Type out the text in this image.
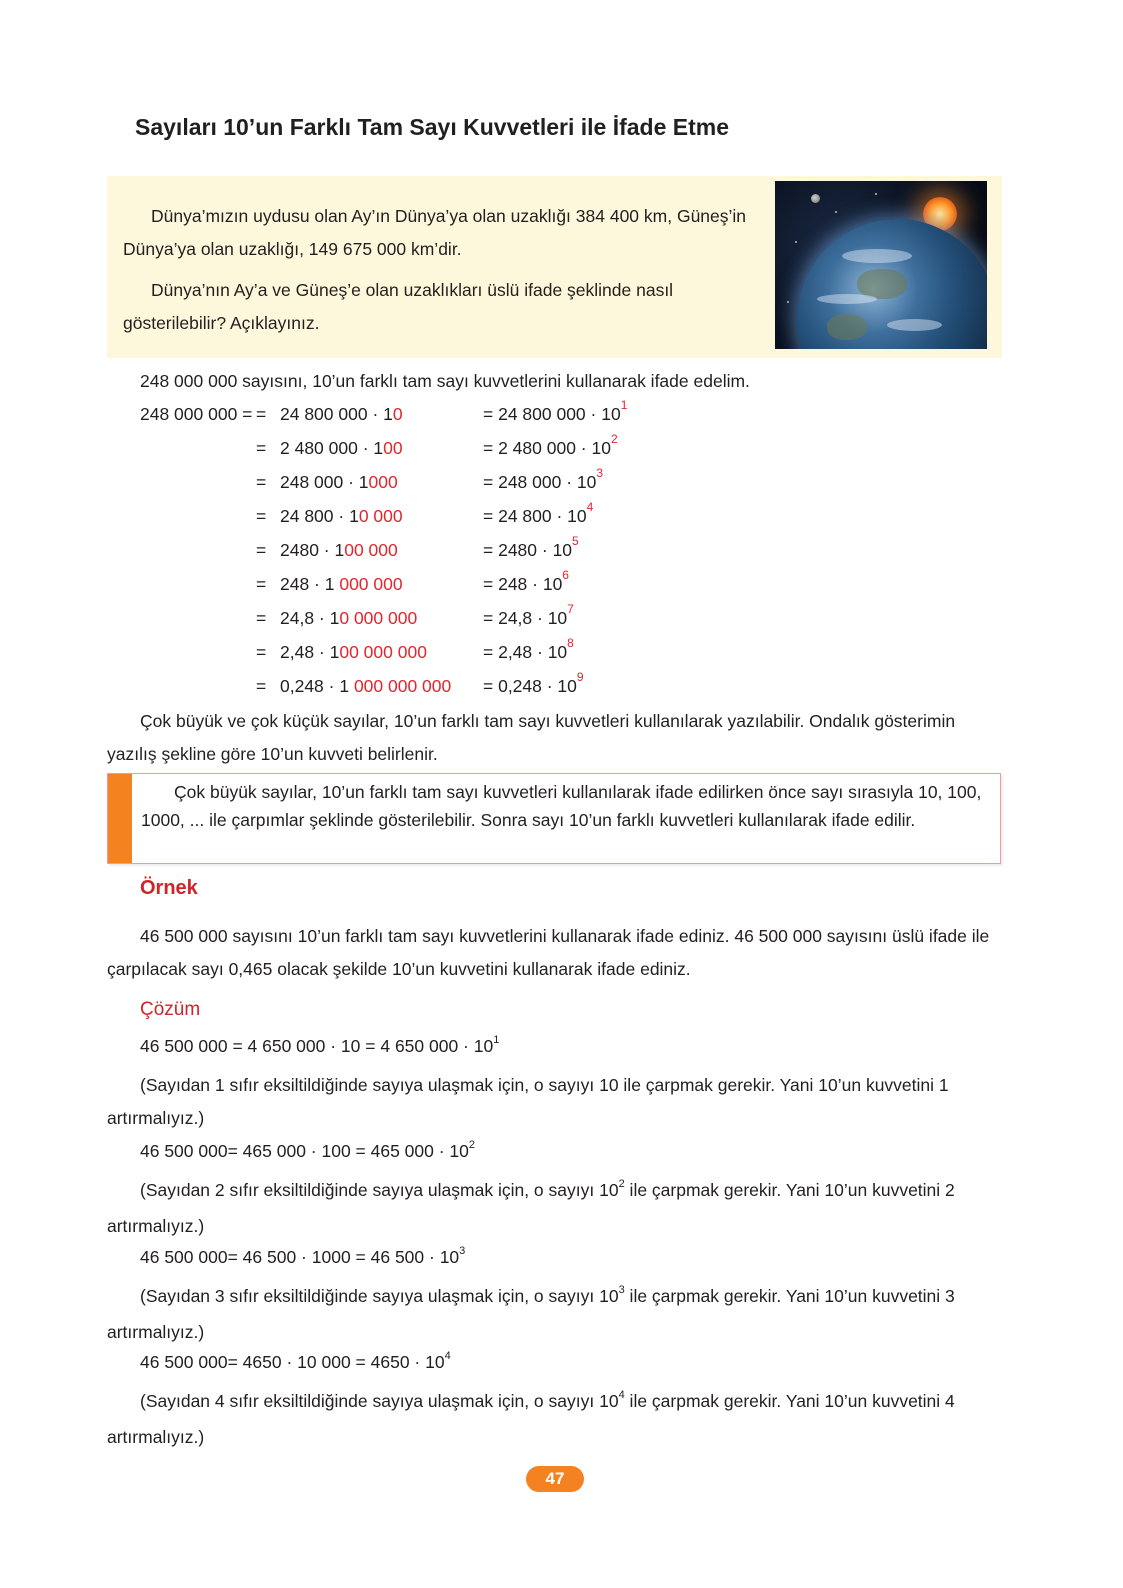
Sayıları 10’un Farklı Tam Sayı Kuvvetleri ile İfade Etme
Dünya’mızın uydusu olan Ay’ın Dünya’ya olan uzaklığı 384 400 km, Güneş’in Dünya’ya olan uzaklığı, 149 675 000 km’dir.
Dünya’nın Ay’a ve Güneş’e olan uzaklıkları üslü ifade şeklinde nasıl gösterilebilir? Açıklayınız.
248 000 000 sayısını, 10’un farklı tam sayı kuvvetlerini kullanarak ifade edelim.
248 000 000 = = 24 800 000 · 10	= 24 800 $000 \cdot 10^1$
= 2 480 000 · 100	= 2 480 $000 \cdot 10^2$
= 248 000 · 1000	= 248 $000 \cdot 10^3$
= 24 800 · 10 000	= 24 $800 \cdot 10^4$
= 2480 · 100 000	= $2480 \cdot 10^5$
= 248 · 1 000 000	= $248 \cdot 10^6$
= 24,8 · 10 000 000	= $24,8 \cdot 10^7$
= 2,48 · 100 000 000	= $2,48 \cdot 10^8$
= 0,248 · 1 000 000 $000 = 0,248 \cdot 10^9$
Çok büyük ve çok küçük sayılar, 10’un farklı tam sayı kuvvetleri kullanılarak yazılabilir. Ondalık gösterimin yazılış şekline göre 10’un kuvveti belirlenir.
Çok büyük sayılar, 10’un farklı tam sayı kuvvetleri kullanılarak ifade edilirken önce sayı sırasıyla 10, 100, 1000, ... ile çarpımlar şeklinde gösterilebilir. Sonra sayı 10’un farklı kuvvetleri kullanılarak ifade edilir.
Örnek
46 500 000 sayısını 10’un farklı tam sayı kuvvetlerini kullanarak ifade ediniz. 46 500 000 sayısını üslü ifade ile çarpılacak sayı 0,465 olacak şekilde 10’un kuvvetini kullanarak ifade ediniz.
Çözüm
46 500 000 = 4 650 000 · 10 = 4 650 $000 \cdot 10^1$
(Sayıdan 1 sıfır eksiltildiğinde sayıya ulaşmak için, o sayıyı 10 ile çarpmak gerekir. Yani 10’un kuvvetini 1 artırmalıyız.)
46 500 000= 465 000 · 100 = 465 $000 \cdot 10^2$
(Sayıdan 2 sıfır eksiltildiğinde sayıya ulaşmak için, o sayıyı $10^2$ ile çarpmak gerekir. Yani 10’un kuvvetini 2 artırmalıyız.)
46 500 000= 46 500 · 1000 = 46 $500 \cdot 10^3$
(Sayıdan 3 sıfır eksiltildiğinde sayıya ulaşmak için, o sayıyı $10^3$ ile çarpmak gerekir. Yani 10’un kuvvetini 3 artırmalıyız.)
46 500 000= 4650 · 10 $000 = 4650 \cdot 10^4$
(Sayıdan 4 sıfır eksiltildiğinde sayıya ulaşmak için, o sayıyı $10^4$ ile çarpmak gerekir. Yani 10’un kuvvetini 4 artırmalıyız.)
47
